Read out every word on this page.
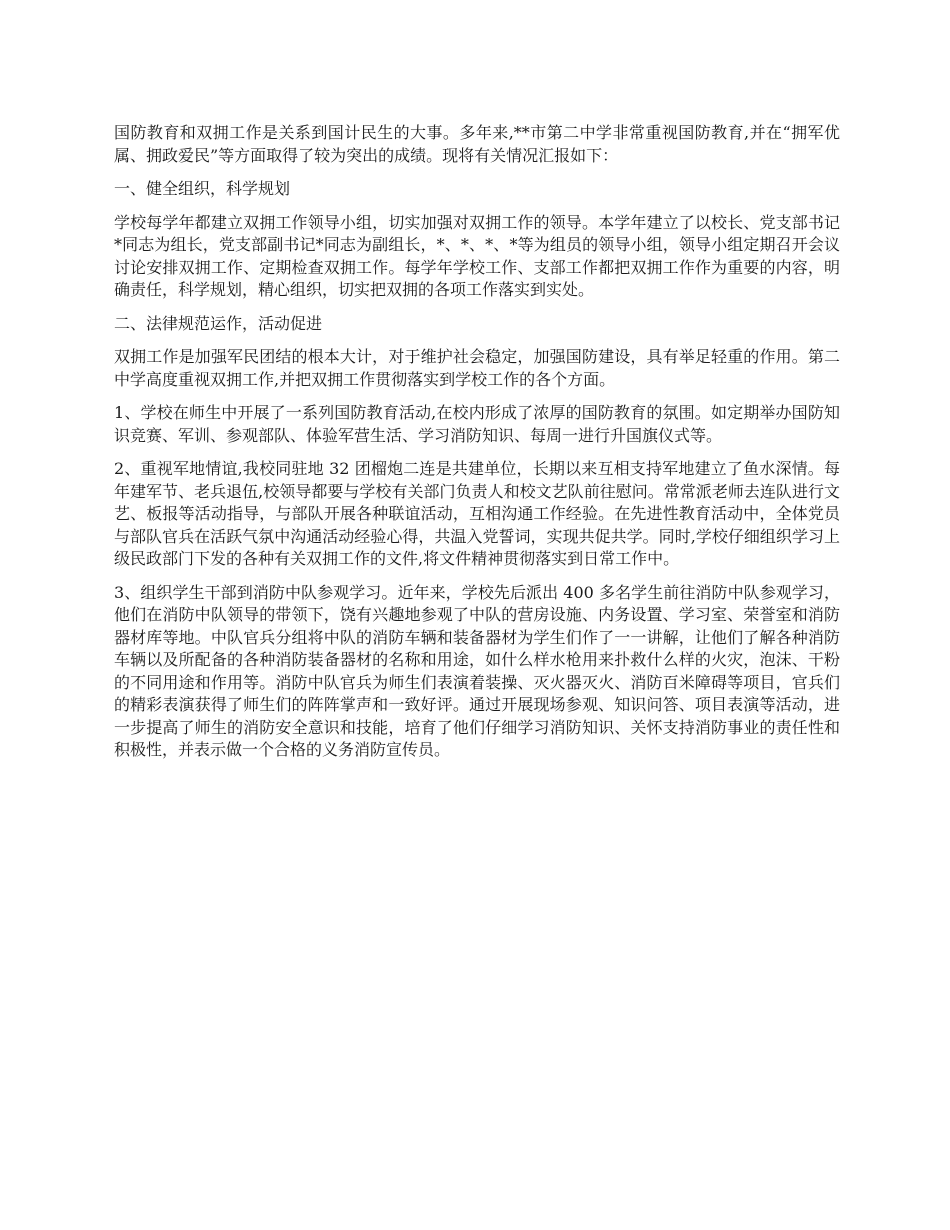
国防教育和双拥工作是关系到国计民生的大事。多年来,**市第二中学非常重视国防教育,并在“拥军优属、拥政爱民”等方面取得了较为突出的成绩。现将有关情况汇报如下：

一、健全组织，科学规划

学校每学年都建立双拥工作领导小组，切实加强对双拥工作的领导。本学年建立了以校长、党支部书记*同志为组长，党支部副书记*同志为副组长，*、*、*、*等为组员的领导小组，领导小组定期召开会议讨论安排双拥工作、定期检查双拥工作。每学年学校工作、支部工作都把双拥工作作为重要的内容，明确责任，科学规划，精心组织，切实把双拥的各项工作落实到实处。

二、法律规范运作，活动促进

双拥工作是加强军民团结的根本大计，对于维护社会稳定，加强国防建设，具有举足轻重的作用。第二中学高度重视双拥工作,并把双拥工作贯彻落实到学校工作的各个方面。

1、学校在师生中开展了一系列国防教育活动,在校内形成了浓厚的国防教育的氛围。如定期举办国防知识竞赛、军训、参观部队、体验军营生活、学习消防知识、每周一进行升国旗仪式等。

2、重视军地情谊,我校同驻地 32 团榴炮二连是共建单位，长期以来互相支持军地建立了鱼水深情。每年建军节、老兵退伍,校领导都要与学校有关部门负责人和校文艺队前往慰问。常常派老师去连队进行文艺、板报等活动指导，与部队开展各种联谊活动，互相沟通工作经验。在先进性教育活动中，全体党员与部队官兵在活跃气氛中沟通活动经验心得，共温入党誓词，实现共促共学。同时,学校仔细组织学习上级民政部门下发的各种有关双拥工作的文件,将文件精神贯彻落实到日常工作中。

3、组织学生干部到消防中队参观学习。近年来，学校先后派出 400 多名学生前往消防中队参观学习，他们在消防中队领导的带领下，饶有兴趣地参观了中队的营房设施、内务设置、学习室、荣誉室和消防器材库等地。中队官兵分组将中队的消防车辆和装备器材为学生们作了一一讲解，让他们了解各种消防车辆以及所配备的各种消防装备器材的名称和用途，如什么样水枪用来扑救什么样的火灾，泡沫、干粉的不同用途和作用等。消防中队官兵为师生们表演着装操、灭火器灭火、消防百米障碍等项目，官兵们的精彩表演获得了师生们的阵阵掌声和一致好评。通过开展现场参观、知识问答、项目表演等活动，进一步提高了师生的消防安全意识和技能，培育了他们仔细学习消防知识、关怀支持消防事业的责任性和积极性，并表示做一个合格的义务消防宣传员。
